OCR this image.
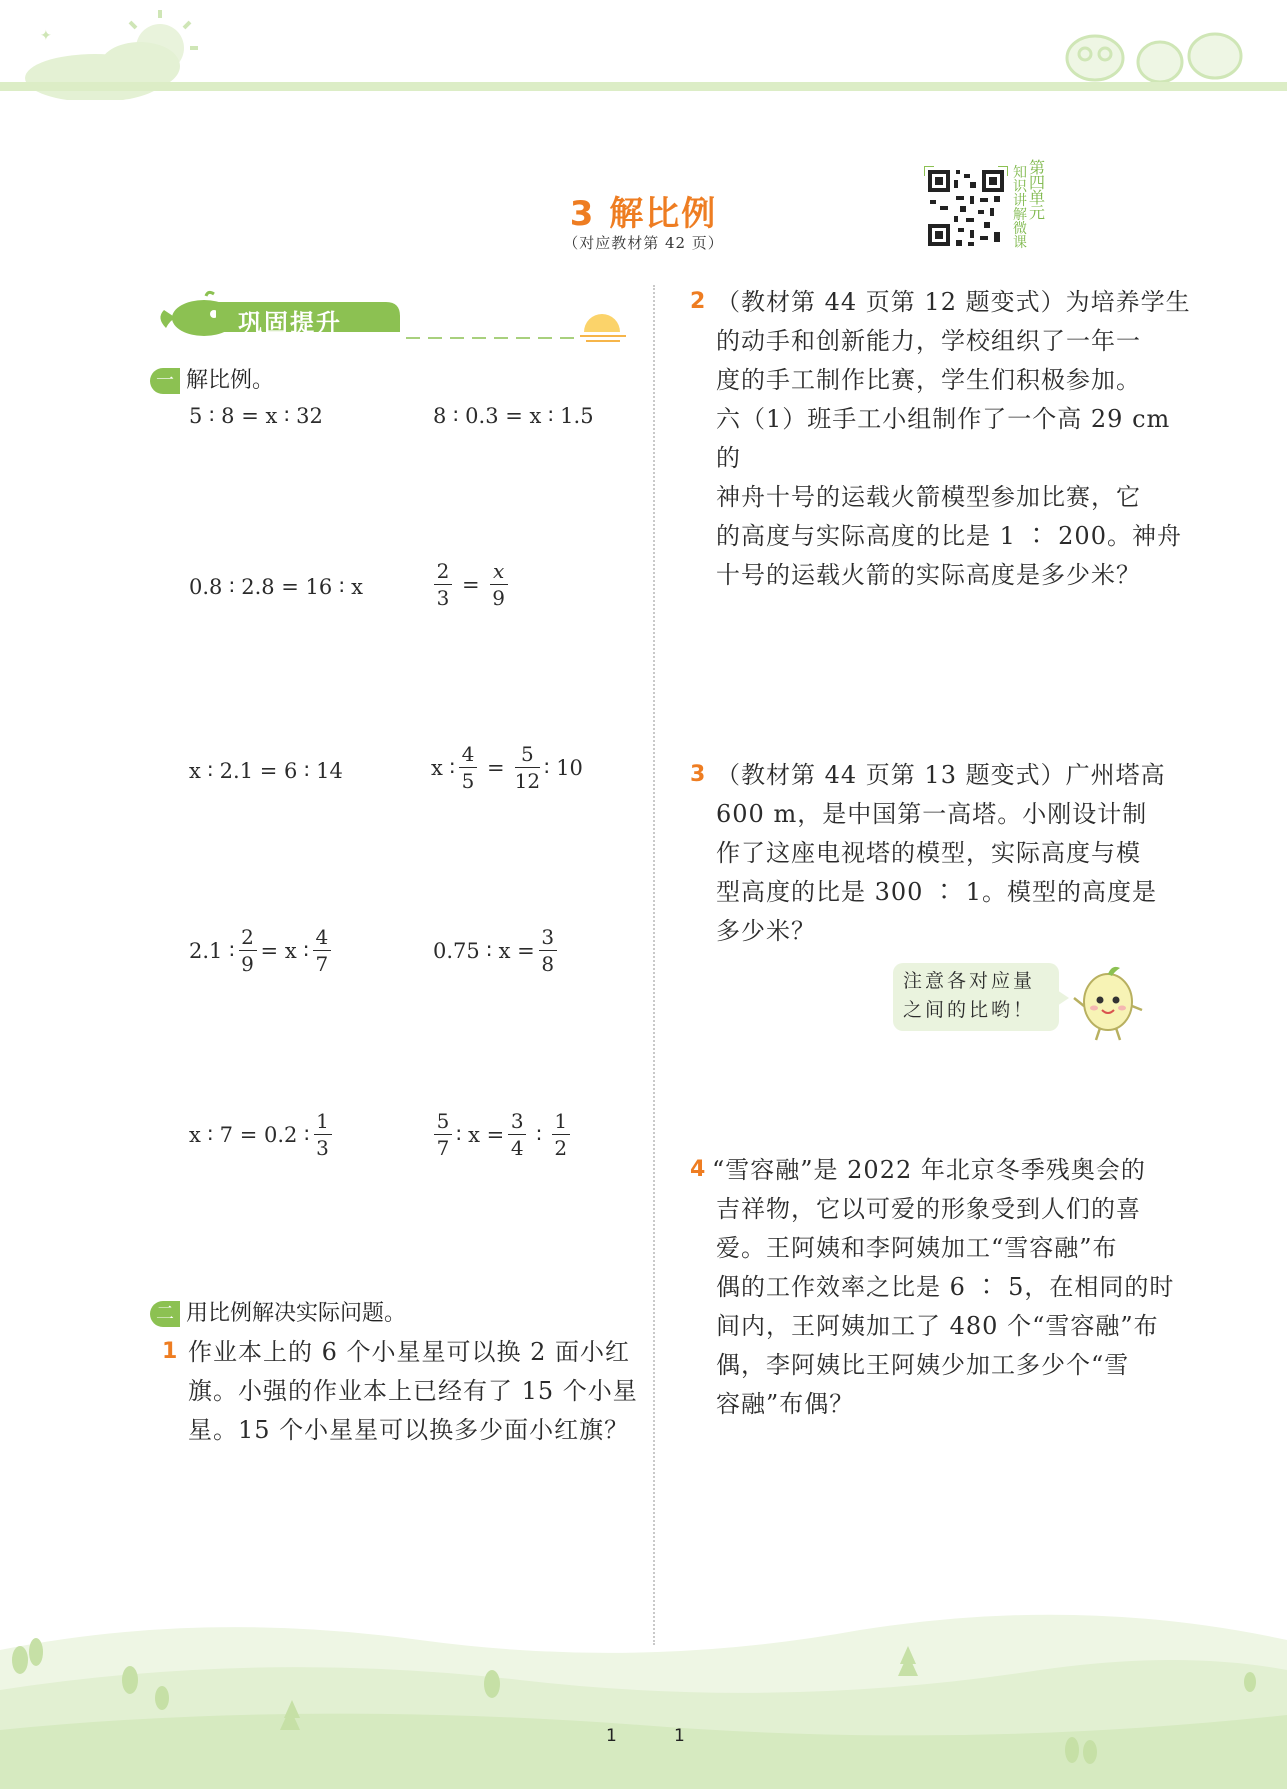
✦
3 解比例
（对应教材第 42 页）
第
四
单
元
知
识
讲
解
微
课
巩固提升
一 解比例。
5 ∶ 8 = x ∶ 32	8 ∶ 0.3 = x ∶ 1.5
0.8 ∶ 2.8 = 16 ∶ x	$\frac{2}{3} = \frac{x}{9}$
x ∶ 2.1 = 6 ∶ 14	x ∶ $\frac{4}{5} = \frac{5}{12}$ ∶ 10
2.1 ∶ $\frac{2}{9} = x$ ∶ $\frac{4}{7}$	0.75 ∶ $x = \frac{3}{8}$
x ∶ 7 = 0.2 ∶ $\frac{1}{3}$	$\frac{5}{7}$ ∶ $x = \frac{3}{4}$ ∶ $\frac{1}{2}$
二 用比例解决实际问题。
1 作业本上的 6 个小星星可以换 2 面小红
旗。小强的作业本上已经有了 15 个小星
星。15 个小星星可以换多少面小红旗？
2 （教材第 44 页第 12 题变式）为培养学生
的动手和创新能力，学校组织了一年一
度的手工制作比赛，学生们积极参加。
六（1）班手工小组制作了一个高 29 cm 的
神舟十号的运载火箭模型参加比赛，它
的高度与实际高度的比是 1 ∶ 200。神舟
十号的运载火箭的实际高度是多少米？
3 （教材第 44 页第 13 题变式）广州塔高
600 m，是中国第一高塔。小刚设计制
作了这座电视塔的模型，实际高度与模
型高度的比是 300 ∶ 1。模型的高度是
多少米？
注意各对应量
之间的比哟！
4 “雪容融”是 2022 年北京冬季残奥会的
吉祥物，它以可爱的形象受到人们的喜
爱。王阿姨和李阿姨加工“雪容融”布
偶的工作效率之比是 6 ∶ 5，在相同的时
间内，王阿姨加工了 480 个“雪容融”布
偶，李阿姨比王阿姨少加工多少个“雪
容融”布偶？
1	1
